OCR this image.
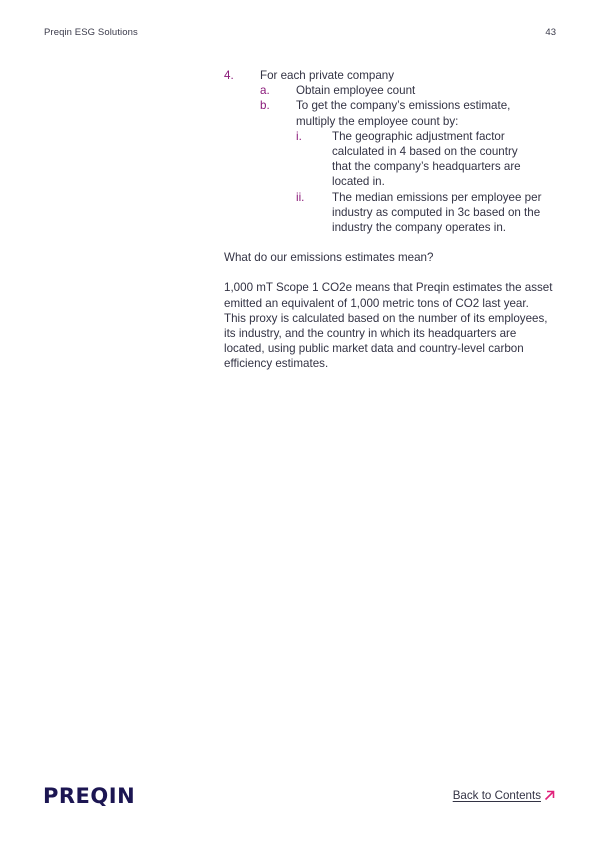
Preqin ESG Solutions	43
4.	For each private company
a.	Obtain employee count
b.	To get the company’s emissions estimate,
multiply the employee count by:
i.	The geographic adjustment factor
calculated in 4 based on the country
that the company’s headquarters are
located in.
ii.	The median emissions per employee per
industry as computed in 3c based on the
industry the company operates in.

What do our emissions estimates mean?

1,000 mT Scope 1 CO2e means that Preqin estimates the asset
emitted an equivalent of 1,000 metric tons of CO2 last year.
This proxy is calculated based on the number of its employees,
its industry, and the country in which its headquarters are
located, using public market data and country-level carbon
efficiency estimates.

PREQIN	Back to Contents
